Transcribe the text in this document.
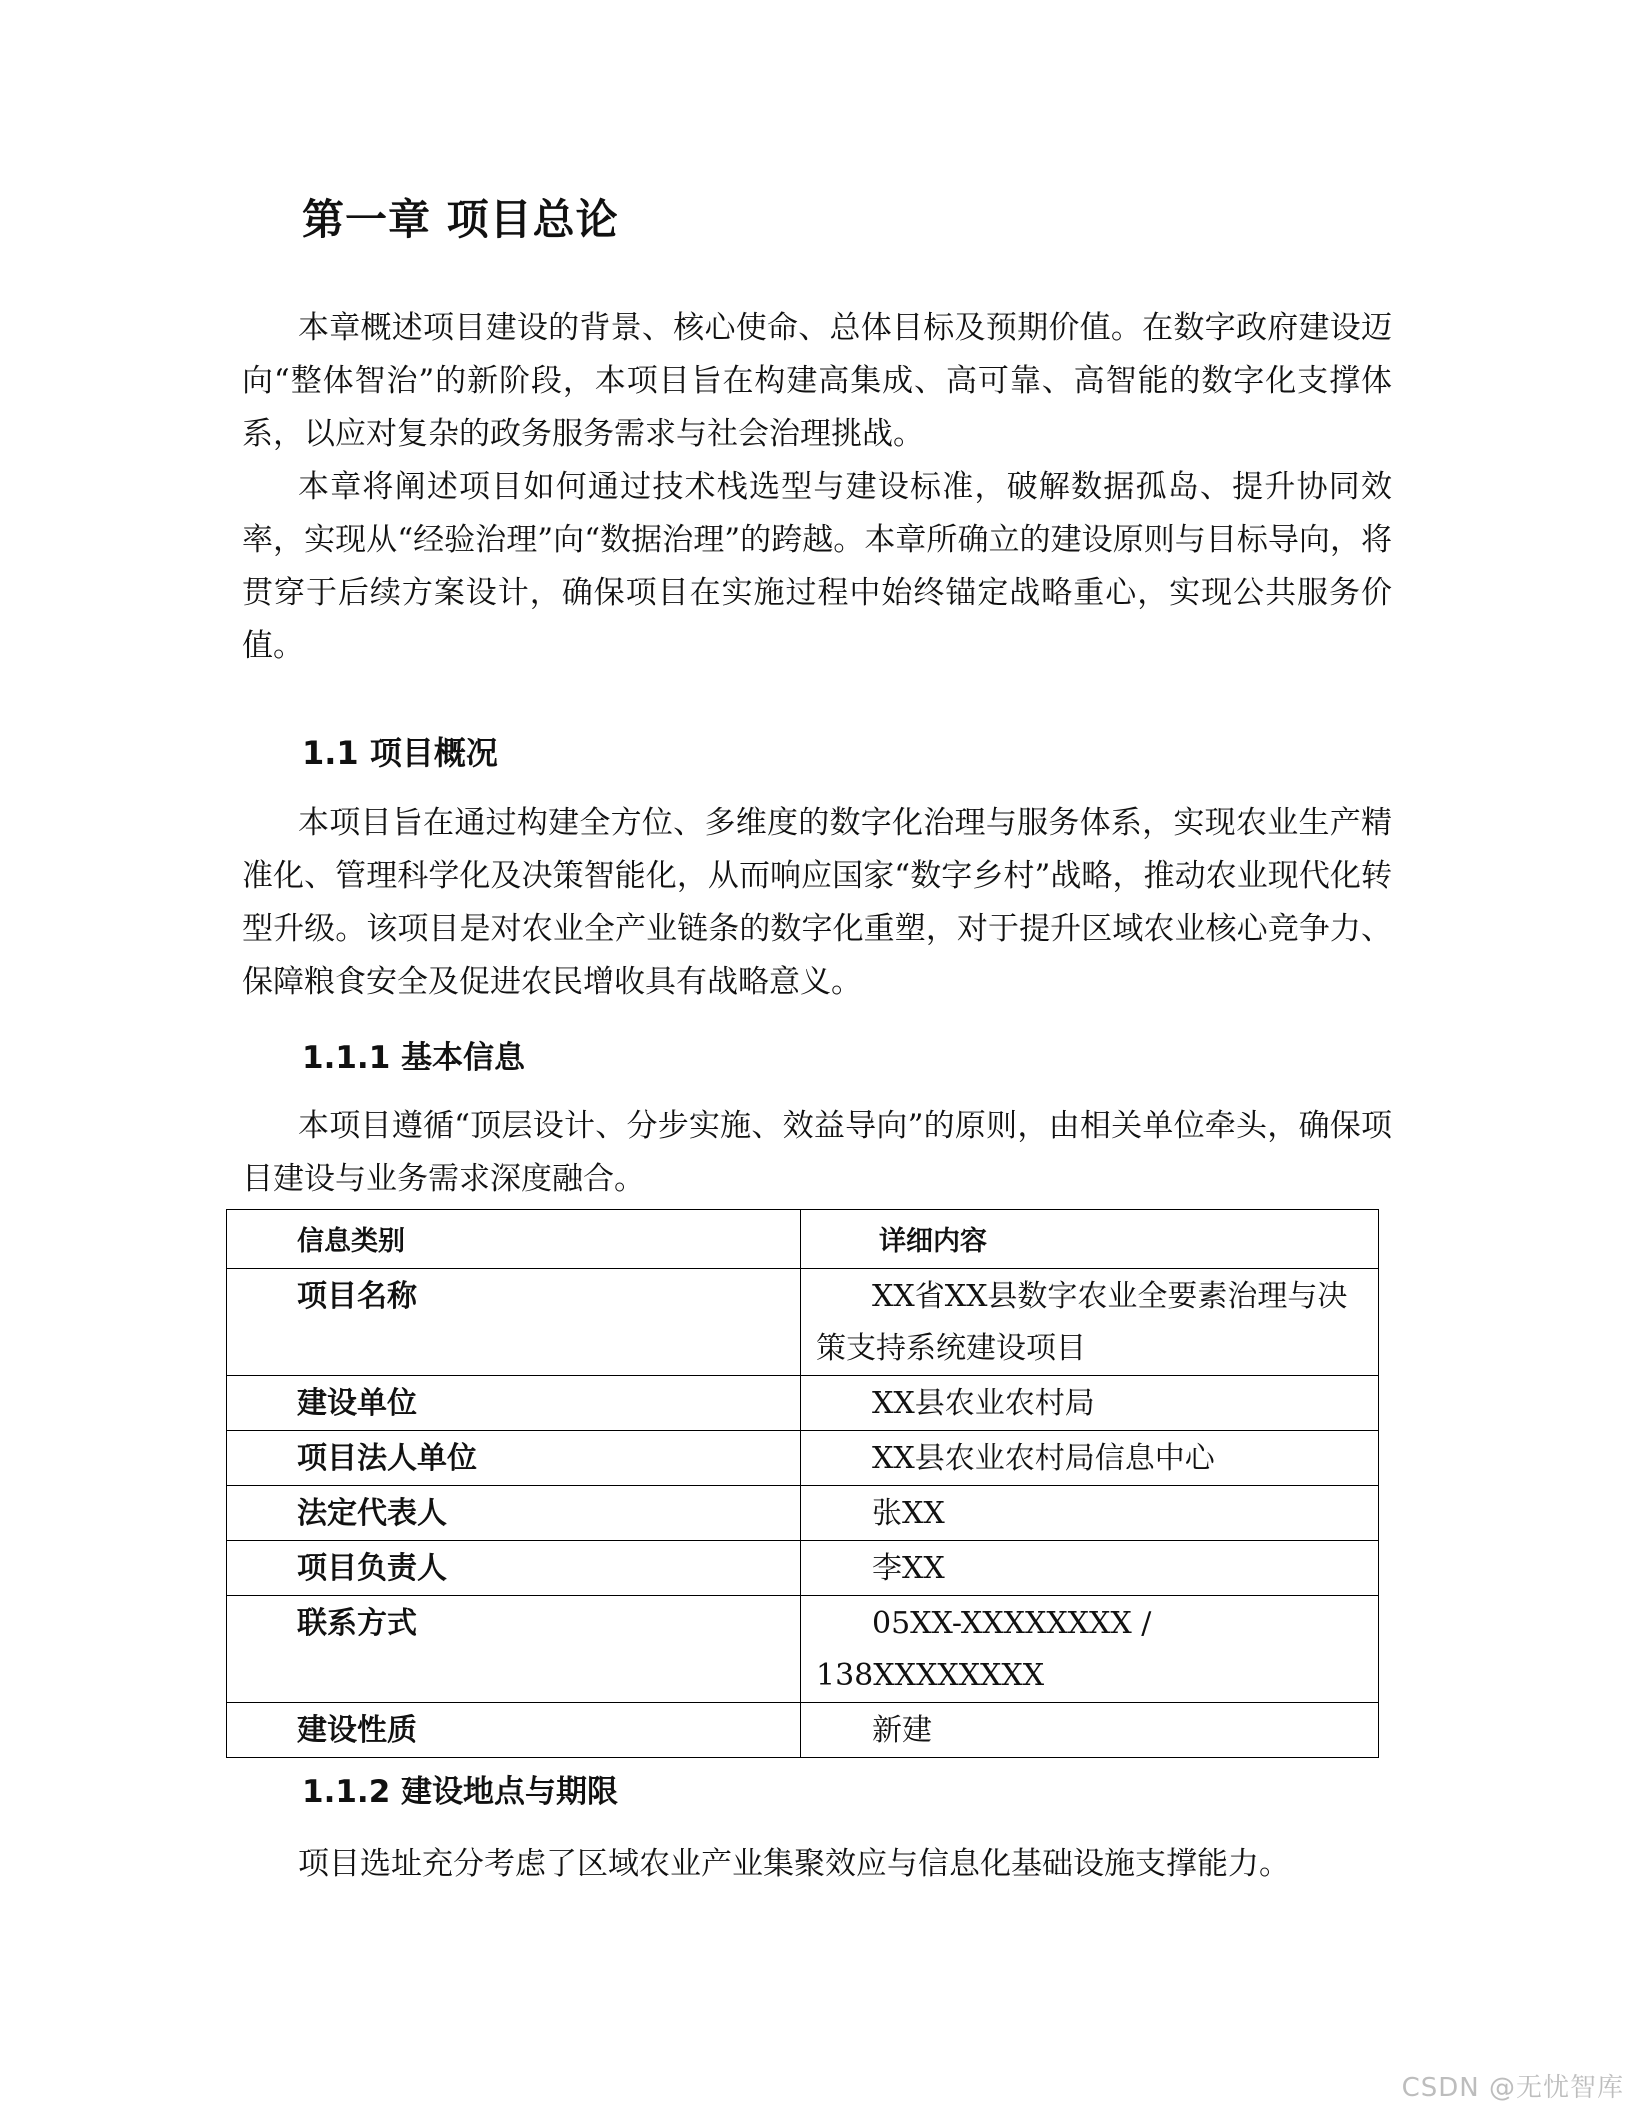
第一章 项目总论

本章概述项目建设的背景、核心使命、总体目标及预期价值。在数字政府建设迈向“整体智治”的新阶段，本项目旨在构建高集成、高可靠、高智能的数字化支撑体系，以应对复杂的政务服务需求与社会治理挑战。

本章将阐述项目如何通过技术栈选型与建设标准，破解数据孤岛、提升协同效率，实现从“经验治理”向“数据治理”的跨越。本章所确立的建设原则与目标导向，将贯穿于后续方案设计，确保项目在实施过程中始终锚定战略重心，实现公共服务价值。

1.1 项目概况

本项目旨在通过构建全方位、多维度的数字化治理与服务体系，实现农业生产精准化、管理科学化及决策智能化，从而响应国家“数字乡村”战略，推动农业现代化转型升级。该项目是对农业全产业链条的数字化重塑，对于提升区域农业核心竞争力、保障粮食安全及促进农民增收具有战略意义。

1.1.1 基本信息

本项目遵循“顶层设计、分步实施、效益导向”的原则，由相关单位牵头，确保项目建设与业务需求深度融合。

信息类别	详细内容

项目名称	XX省XX县数字农业全要素治理与决策支持系统建设项目

建设单位	XX县农业农村局

项目法人单位	XX县农业农村局信息中心

法定代表人	张XX

项目负责人	李XX

联系方式	05XX-XXXXXXXX / 138XXXXXXXX

建设性质	新建
1.1.2 建设地点与期限

项目选址充分考虑了区域农业产业集聚效应与信息化基础设施支撑能力。

CSDN @无忧智库
